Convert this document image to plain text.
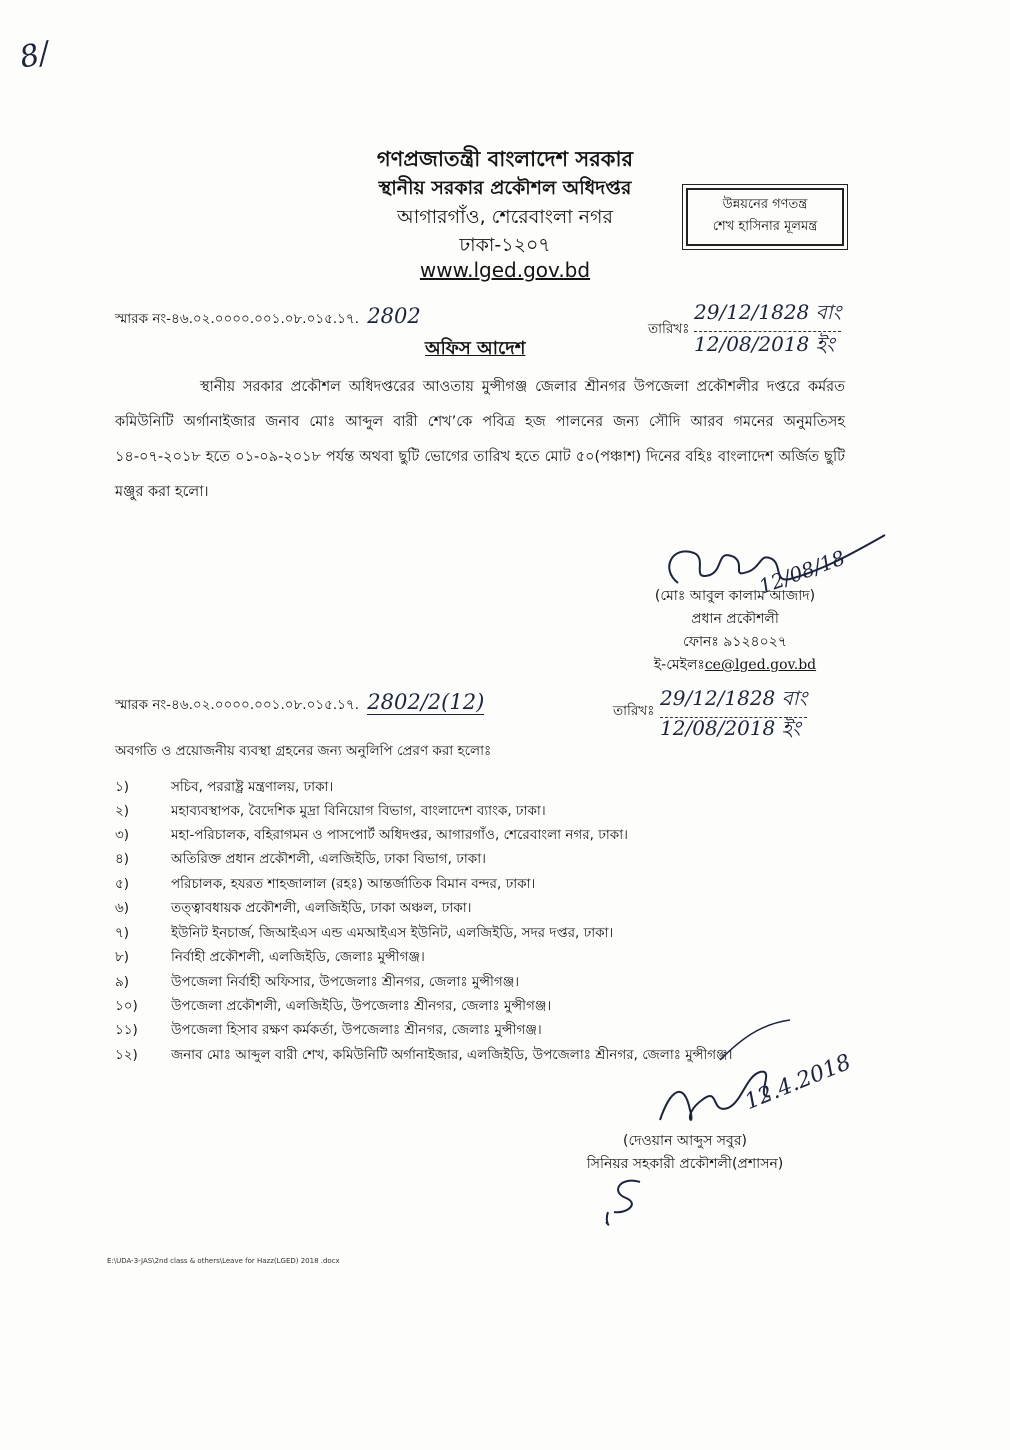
8/
গণপ্রজাতন্ত্রী বাংলাদেশ সরকার
স্থানীয় সরকার প্রকৌশল অধিদপ্তর
আগারগাঁও, শেরেবাংলা নগর
ঢাকা-১২০৭
www.lged.gov.bd
উন্নয়নের গণতন্ত্র
শেখ হাসিনার মূলমন্ত্র
স্মারক নং-৪৬.০২.০০০০.০০১.০৮.০১৫.১৭. 2802
তারিখঃ
29/12/1828 বাং
12/08/2018 ইং
অফিস আদেশ
স্থানীয় সরকার প্রকৌশল অধিদপ্তরের আওতায় মুন্সীগঞ্জ জেলার শ্রীনগর উপজেলা প্রকৌশলীর দপ্তরে কর্মরত কমিউনিটি অর্গানাইজার জনাব মোঃ আব্দুল বারী শেখ’কে পবিত্র হজ পালনের জন্য সৌদি আরব গমনের অনুমতিসহ ১৪-০৭-২০১৮ হতে ০১-০৯-২০১৮ পর্যন্ত অথবা ছুটি ভোগের তারিখ হতে মোট ৫০(পঞ্চাশ) দিনের বহিঃ বাংলাদেশ অর্জিত ছুটি মঞ্জুর করা হলো।
12/08/18
(মোঃ আবুল কালাম আজাদ)
প্রধান প্রকৌশলী
ফোনঃ ৯১২৪০২৭
ই-মেইলঃce@lged.gov.bd
স্মারক নং-৪৬.০২.০০০০.০০১.০৮.০১৫.১৭. 2802/2(12)	তারিখঃ
29/12/1828 বাং
12/08/2018 ইং
অবগতি ও প্রয়োজনীয় ব্যবস্থা গ্রহনের জন্য অনুলিপি প্রেরণ করা হলোঃ
১)	সচিব, পররাষ্ট্র মন্ত্রণালয়, ঢাকা।
২)	মহাব্যবস্থাপক, বৈদেশিক মুদ্রা বিনিয়োগ বিভাগ, বাংলাদেশ ব্যাংক, ঢাকা।
৩)	মহা-পরিচালক, বহিরাগমন ও পাসপোর্ট অধিদপ্তর, আগারগাঁও, শেরেবাংলা নগর, ঢাকা।
৪)	অতিরিক্ত প্রধান প্রকৌশলী, এলজিইডি, ঢাকা বিভাগ, ঢাকা।
৫)	পরিচালক, হযরত শাহজালাল (রহঃ) আন্তর্জাতিক বিমান বন্দর, ঢাকা।
৬)	তত্ত্বাবধায়ক প্রকৌশলী, এলজিইডি, ঢাকা অঞ্চল, ঢাকা।
৭)	ইউনিট ইনচার্জ, জিআইএস এন্ড এমআইএস ইউনিট, এলজিইডি, সদর দপ্তর, ঢাকা।
৮)	নির্বাহী প্রকৌশলী, এলজিইডি, জেলাঃ মুন্সীগঞ্জ।
৯)	উপজেলা নির্বাহী অফিসার, উপজেলাঃ শ্রীনগর, জেলাঃ মুন্সীগঞ্জ।
১০) উপজেলা প্রকৌশলী, এলজিইডি, উপজেলাঃ শ্রীনগর, জেলাঃ মুন্সীগঞ্জ।
১১) উপজেলা হিসাব রক্ষণ কর্মকর্তা, উপজেলাঃ শ্রীনগর, জেলাঃ মুন্সীগঞ্জ।
১২) জনাব মোঃ আব্দুল বারী শেখ, কমিউনিটি অর্গানাইজার, এলজিইডি, উপজেলাঃ শ্রীনগর, জেলাঃ মুন্সীগঞ্জ। 12.4.2018
(দেওয়ান আব্দুস সবুর)
সিনিয়র সহকারী প্রকৌশলী(প্রশাসন)
E:\UDA-3-JAS\2nd class & others\Leave for Hazz(LGED) 2018 .docx
